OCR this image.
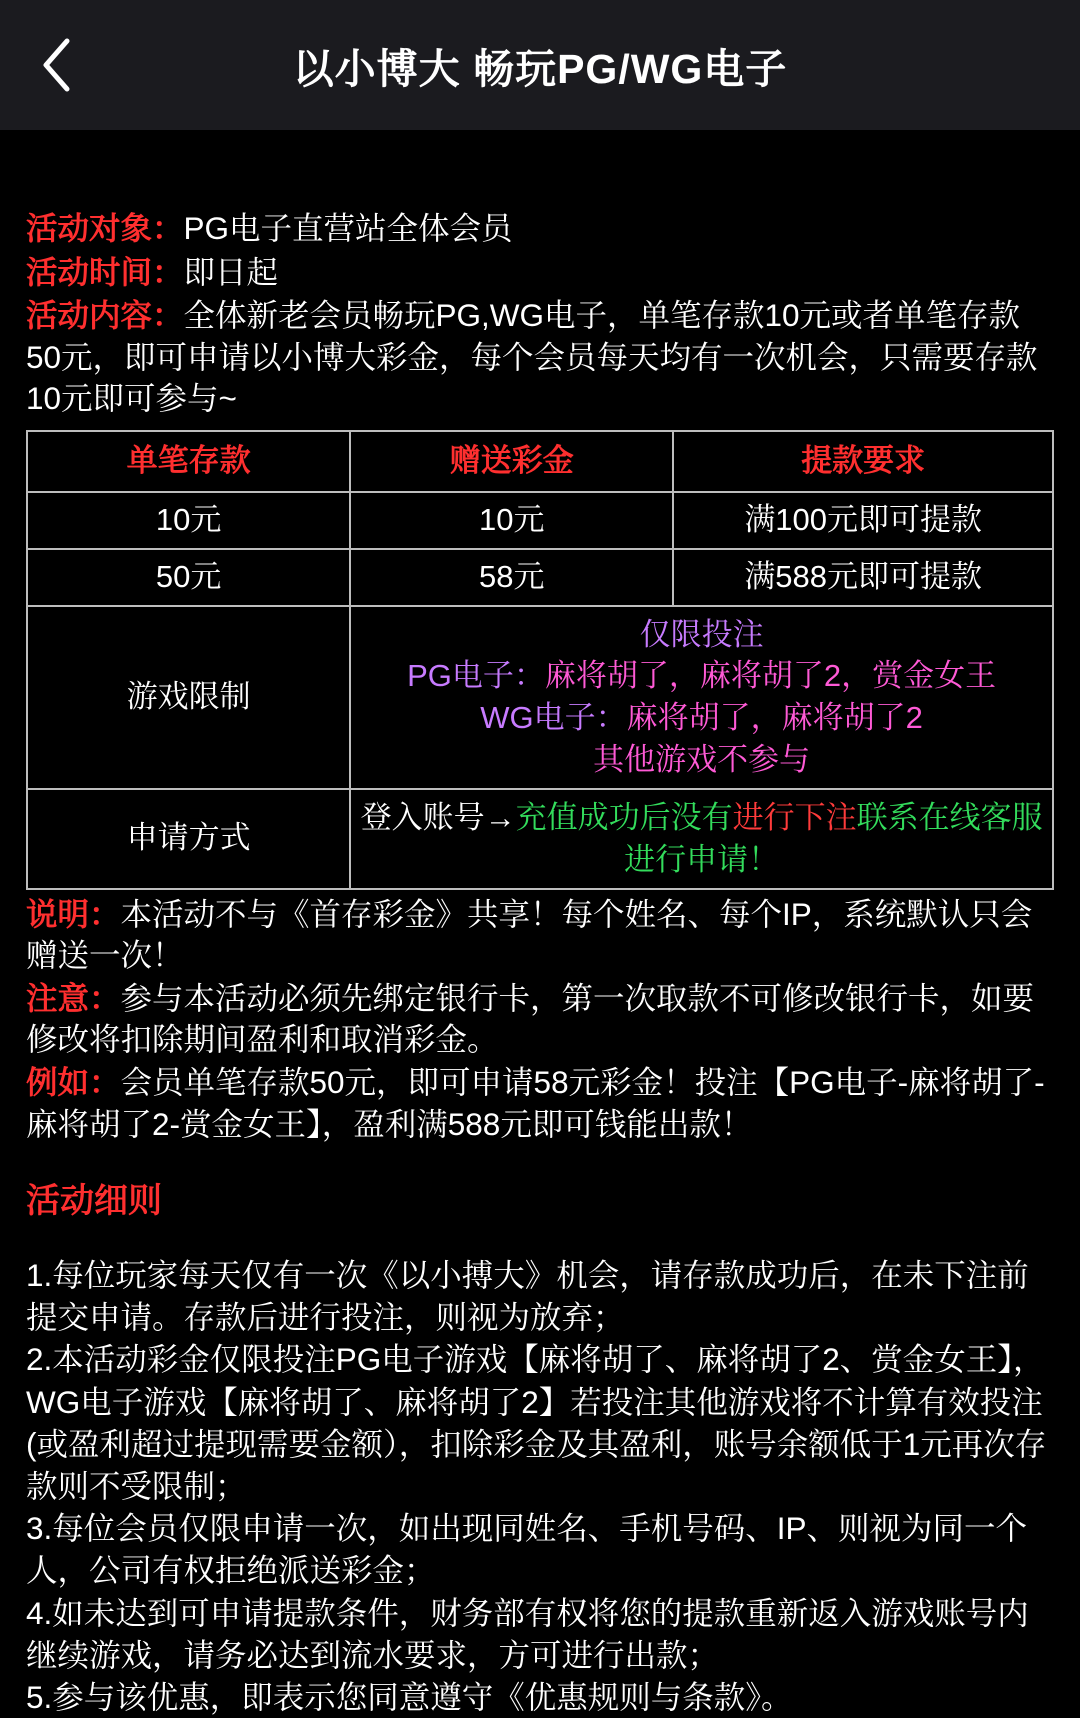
以小博大 畅玩PG/WG电子
活动对象：PG电子直营站全体会员
活动时间：即日起
活动内容：全体新老会员畅玩PG,WG电子，单笔存款10元或者单笔存款50元，即可申请以小博大彩金，每个会员每天均有一次机会，只需要存款10元即可参与~
单笔存款	赠送彩金	提款要求
10元	10元	满100元即可提款
50元	58元	满588元即可提款
游戏限制	仅限投注
PG电子：麻将胡了，麻将胡了2，赏金女王
WG电子：麻将胡了，麻将胡了2
其他游戏不参与	

申请方式	登入账号→充值成功后没有进行下注联系在线客服进行申请！	

说明：本活动不与《首存彩金》共享！每个姓名、每个IP，系统默认只会赠送一次！

注意：参与本活动必须先绑定银行卡，第一次取款不可修改银行卡，如要修改将扣除期间盈利和取消彩金。

例如：会员单笔存款50元，即可申请58元彩金！投注【PG电子-麻将胡了-麻将胡了2-赏金女王】，盈利满588元即可钱能出款！

活动细则

1.每位玩家每天仅有一次《以小搏大》机会，请存款成功后，在未下注前提交申请。存款后进行投注，则视为放弃；

2.本活动彩金仅限投注PG电子游戏【麻将胡了、麻将胡了2、赏金女王】，WG电子游戏【麻将胡了、麻将胡了2】若投注其他游戏将不计算有效投注(或盈利超过提现需要金额），扣除彩金及其盈利，账号余额低于1元再次存款则不受限制；

3.每位会员仅限申请一次，如出现同姓名、手机号码、IP、则视为同一个人，公司有权拒绝派送彩金；

4.如未达到可申请提款条件，财务部有权将您的提款重新返入游戏账号内继续游戏，请务必达到流水要求，方可进行出款；

5.参与该优惠，即表示您同意遵守《优惠规则与条款》。
